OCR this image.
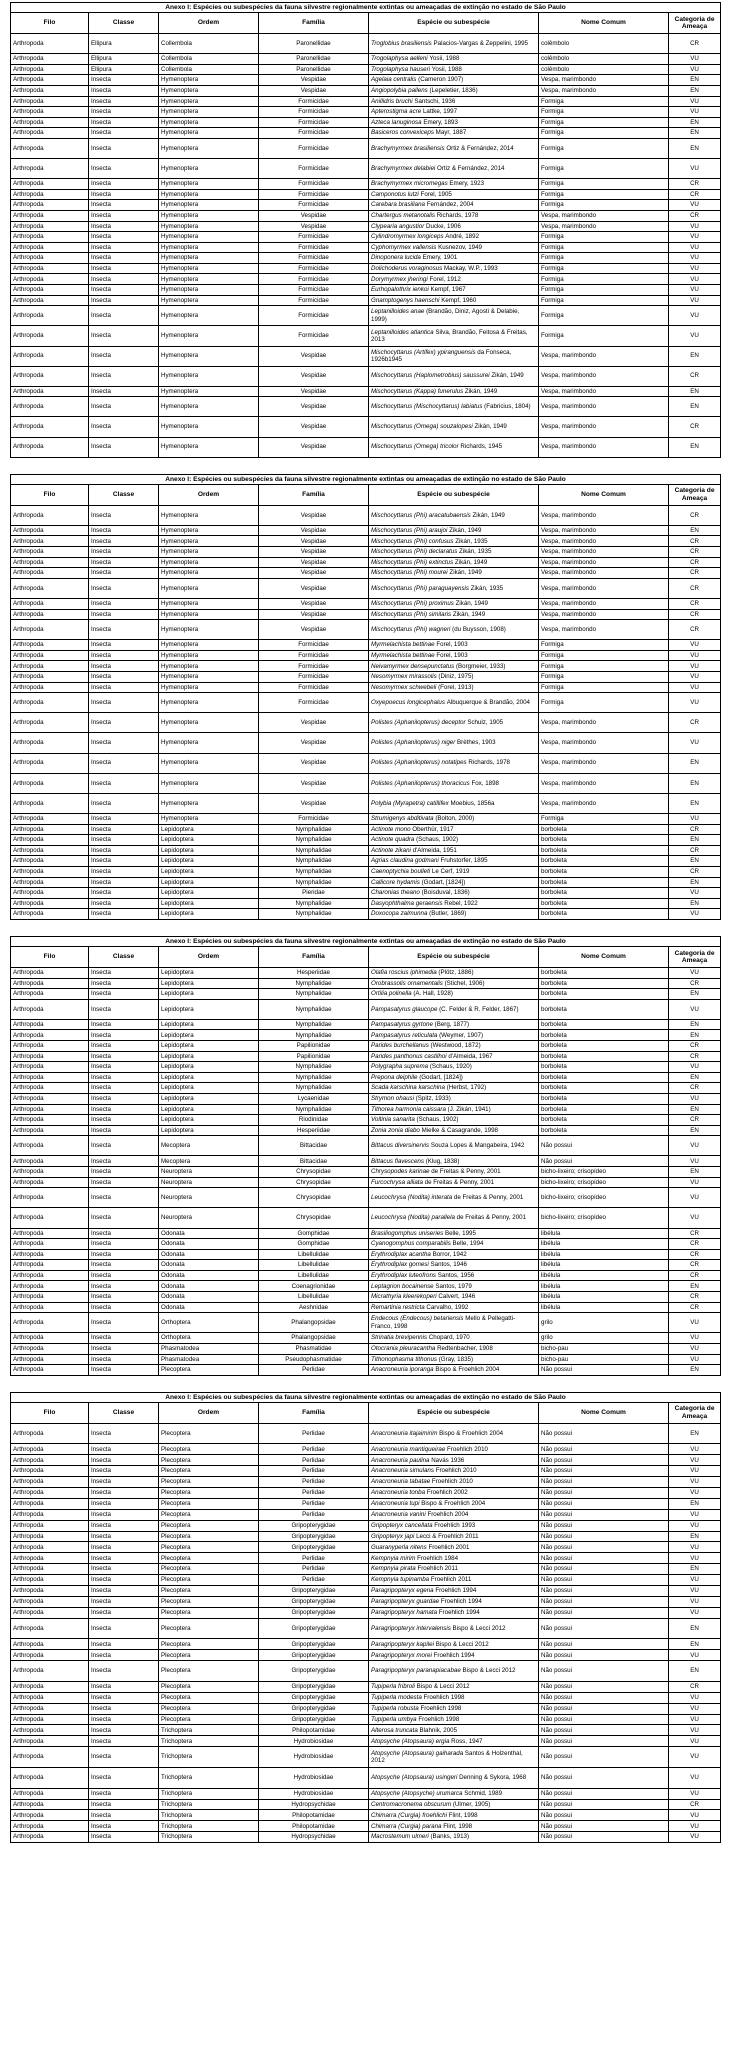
Anexo I: Espécies ou subespécies da fauna silvestre regionalmente extintas ou ameaçadas de extinção no estado de São Paulo						
Filo	Classe	Ordem	Família	Espécie ou subespécie	Nome Comum	Categoria de Ameaça
Arthropoda	Ellipura	Collembola	Paronellidae	Troglobius brasiliensis Palacios-Vargas & Zeppelini, 1995	colêmbolo	CR
Arthropoda	Ellipura	Collembola	Paronellidae	Trogolaphysa aelleni Yosii, 1988	colêmbolo	VU
Arthropoda	Ellipura	Collembola	Paronellidae	Trogolaphysa hauseri Yosii, 1988	colêmbolo	VU
Arthropoda	Insecta	Hymenoptera	Vespidae	Agelaia centralis (Cameron 1907)	Vespa, marimbondo	EN
Arthropoda	Insecta	Hymenoptera	Vespidae	Angiopolybia pallens (Lepeletier, 1836)	Vespa, marimbondo	EN
Arthropoda	Insecta	Hymenoptera	Formicidae	Anillidris bruchi Santschi, 1936	Formiga	VU
Arthropoda	Insecta	Hymenoptera	Formicidae	Apterostigma acre Lattke, 1997	Formiga	VU
Arthropoda	Insecta	Hymenoptera	Formicidae	Azteca lanuginosa Emery, 1893	Formiga	EN
Arthropoda	Insecta	Hymenoptera	Formicidae	Basiceros convexiceps Mayr, 1887	Formiga	EN
Arthropoda	Insecta	Hymenoptera	Formicidae	Brachymyrmex brasiliensis Ortiz & Fernández, 2014	Formiga	EN
Arthropoda	Insecta	Hymenoptera	Formicidae	Brachymyrmex delabiei Ortiz & Fernández, 2014	Formiga	VU
Arthropoda	Insecta	Hymenoptera	Formicidae	Brachymyrmex micromegas Emery, 1923	Formiga	CR
Arthropoda	Insecta	Hymenoptera	Formicidae	Camponotus lutzi Forel, 1905	Formiga	CR
Arthropoda	Insecta	Hymenoptera	Formicidae	Carebara brasiliana Fernández, 2004	Formiga	VU
Arthropoda	Insecta	Hymenoptera	Vespidae	Chartergus metanotalis Richards, 1978	Vespa, marimbondo	CR
Arthropoda	Insecta	Hymenoptera	Vespidae	Clypearia angustior Ducke, 1906	Vespa, marimbondo	VU
Arthropoda	Insecta	Hymenoptera	Formicidae	Cylindromyrmex longiceps André, 1892	Formiga	VU
Arthropoda	Insecta	Hymenoptera	Formicidae	Cyphomyrmex vallensis Kusnezov, 1949	Formiga	VU
Arthropoda	Insecta	Hymenoptera	Formicidae	Dinoponera lucida Emery, 1901	Formiga	VU
Arthropoda	Insecta	Hymenoptera	Formicidae	Dolichoderus voraginosus Mackay, W.P., 1993	Formiga	VU
Arthropoda	Insecta	Hymenoptera	Formicidae	Dorymyrmex jheringi Forel, 1912	Formiga	VU
Arthropoda	Insecta	Hymenoptera	Formicidae	Eurhopalothrix ienkoi Kempf, 1967	Formiga	VU
Arthropoda	Insecta	Hymenoptera	Formicidae	Gnamptogenys haenschi Kempf, 1960	Formiga	VU
Arthropoda	Insecta	Hymenoptera	Formicidae	Leptanilloides anae (Brandão, Diniz, Agosti & Delabie, 1999)	Formiga	VU
Arthropoda	Insecta	Hymenoptera	Formicidae	Leptanilloides atlantica Silva, Brandão, Feitosa & Freitas, 2013	Formiga	VU
Arthropoda	Insecta	Hymenoptera	Vespidae	Mischocyttarus (Artifex) ypiranguensis da Fonseca, 1926b1945	Vespa, marimbondo	EN
Arthropoda	Insecta	Hymenoptera	Vespidae	Mischocyttarus (Haplometrobius) saussurei Zikán, 1949	Vespa, marimbondo	CR
Arthropoda	Insecta	Hymenoptera	Vespidae	Mischocyttarus (Kappa) funerulus Zikán, 1949	Vespa, marimbondo	EN
Arthropoda	Insecta	Hymenoptera	Vespidae	Mischocyttarus (Mischocyttarus) labiatus (Fabricius, 1804)	Vespa, marimbondo	EN
Arthropoda	Insecta	Hymenoptera	Vespidae	Mischocyttarus (Omega) souzalopesi Zikán, 1949	Vespa, marimbondo	CR
Arthropoda	Insecta	Hymenoptera	Vespidae	Mischocyttarus (Omega) tricolor Richards, 1945	Vespa, marimbondo	EN
Anexo I: Espécies ou subespécies da fauna silvestre regionalmente extintas ou ameaçadas de extinção no estado de São Paulo						
Filo	Classe	Ordem	Família	Espécie ou subespécie	Nome Comum	Categoria de Ameaça
Arthropoda	Insecta	Hymenoptera	Vespidae	Mischocyttarus (Phi) aracatubaensis Zikán, 1949	Vespa, marimbondo	CR
Arthropoda	Insecta	Hymenoptera	Vespidae	Mischocyttarus (Phi) araujoi Zikán, 1949	Vespa, marimbondo	EN
Arthropoda	Insecta	Hymenoptera	Vespidae	Mischocyttarus (Phi) confusus Zikán, 1935	Vespa, marimbondo	CR
Arthropoda	Insecta	Hymenoptera	Vespidae	Mischocyttarus (Phi) declaratus Zikán, 1935	Vespa, marimbondo	CR
Arthropoda	Insecta	Hymenoptera	Vespidae	Mischocyttarus (Phi) extinctus Zikán, 1949	Vespa, marimbondo	CR
Arthropoda	Insecta	Hymenoptera	Vespidae	Mischocyttarus (Phi) mourei Zikán, 1949	Vespa, marimbondo	CR
Arthropoda	Insecta	Hymenoptera	Vespidae	Mischocyttarus (Phi) paraguayensis Zikán, 1935	Vespa, marimbondo	CR
Arthropoda	Insecta	Hymenoptera	Vespidae	Mischocyttarus (Phi) proximus Zikán, 1949	Vespa, marimbondo	CR
Arthropoda	Insecta	Hymenoptera	Vespidae	Mischocyttarus (Phi) similaris Zikán, 1949	Vespa, marimbondo	CR
Arthropoda	Insecta	Hymenoptera	Vespidae	Mischocyttarus (Phi) wagneri (du Buysson, 1908)	Vespa, marimbondo	CR
Arthropoda	Insecta	Hymenoptera	Formicidae	Myrmelachista bettinae Forel, 1903	Formiga	VU
Arthropoda	Insecta	Hymenoptera	Formicidae	Myrmelachista bettinae Forel, 1903	Formiga	VU
Arthropoda	Insecta	Hymenoptera	Formicidae	Neivamyrmex densepunctatus (Borgmeier, 1933)	Formiga	VU
Arthropoda	Insecta	Hymenoptera	Formicidae	Nesomyrmex mirassolis (Diniz, 1975)	Formiga	VU
Arthropoda	Insecta	Hymenoptera	Formicidae	Nesomyrmex schwebeli (Forel, 1913)	Formiga	VU
Arthropoda	Insecta	Hymenoptera	Formicidae	Oxyepoecus longicephalus Albuquerque & Brandão, 2004	Formiga	VU
Arthropoda	Insecta	Hymenoptera	Vespidae	Polistes (Aphanilopterus) deceptor Schulz, 1905	Vespa, marimbondo	CR
Arthropoda	Insecta	Hymenoptera	Vespidae	Polistes (Aphanilopterus) niger Brèthes, 1903	Vespa, marimbondo	VU
Arthropoda	Insecta	Hymenoptera	Vespidae	Polistes (Aphanilopterus) notatipes Richards, 1978	Vespa, marimbondo	EN
Arthropoda	Insecta	Hymenoptera	Vespidae	Polistes (Aphanilopterus) thoracicus Fox, 1898	Vespa, marimbondo	EN
Arthropoda	Insecta	Hymenoptera	Vespidae	Polybia (Myrapetra) catillifex Moebius, 1856a	Vespa, marimbondo	EN
Arthropoda	Insecta	Hymenoptera	Formicidae	Strumigenys abditivata (Bolton, 2000)	Formiga	VU
Arthropoda	Insecta	Lepidoptera	Nymphalidae	Actinote mono Oberthür, 1917	borboleta	CR
Arthropoda	Insecta	Lepidoptera	Nymphalidae	Actinote quadra (Schaus, 1902)	borboleta	EN
Arthropoda	Insecta	Lepidoptera	Nymphalidae	Actinote zikani d'Almeida, 1951	borboleta	CR
Arthropoda	Insecta	Lepidoptera	Nymphalidae	Agrias claudina godmani Fruhstorfer, 1895	borboleta	EN
Arthropoda	Insecta	Lepidoptera	Nymphalidae	Caenoptychia boulleti Le Cerf, 1919	borboleta	CR
Arthropoda	Insecta	Lepidoptera	Nymphalidae	Callicore hydamis (Godart, [1824])	borboleta	EN
Arthropoda	Insecta	Lepidoptera	Pieridae	Charonias theano (Boisduval, 1836)	borboleta	VU
Arthropoda	Insecta	Lepidoptera	Nymphalidae	Dasyophthalma geraensis Rebel, 1922	borboleta	EN
Arthropoda	Insecta	Lepidoptera	Nymphalidae	Doxocopa zalmunna (Butler, 1869)	borboleta	VU
Anexo I: Espécies ou subespécies da fauna silvestre regionalmente extintas ou ameaçadas de extinção no estado de São Paulo						
Filo	Classe	Ordem	Família	Espécie ou subespécie	Nome Comum	Categoria de Ameaça
Arthropoda	Insecta	Lepidoptera	Hesperiidae	Olafia roscius iphimedia (Plötz, 1886)	borboleta	VU
Arthropoda	Insecta	Lepidoptera	Nymphalidae	Orobrassolis ornamentalis (Stichel, 1906)	borboleta	CR
Arthropoda	Insecta	Lepidoptera	Nymphalidae	Ortilia polinella (A. Hall, 1928)	borboleta	EN
Arthropoda	Insecta	Lepidoptera	Nymphalidae	Pampasatyrus glaucope (C. Felder & R. Felder, 1867)	borboleta	VU
Arthropoda	Insecta	Lepidoptera	Nymphalidae	Pampasatyrus gyrtone (Berg, 1877)	borboleta	EN
Arthropoda	Insecta	Lepidoptera	Nymphalidae	Pampasatyrus reticulata (Weymer, 1907)	borboleta	EN
Arthropoda	Insecta	Lepidoptera	Papilionidae	Parides burchellanus (Westwood, 1872)	borboleta	CR
Arthropoda	Insecta	Lepidoptera	Papilionidae	Parides panthonus castilhoi d'Almeida, 1967	borboleta	CR
Arthropoda	Insecta	Lepidoptera	Nymphalidae	Polygrapha suprema (Schaus, 1920)	borboleta	VU
Arthropoda	Insecta	Lepidoptera	Nymphalidae	Prepona deiphile (Godart, [1824])	borboleta	EN
Arthropoda	Insecta	Lepidoptera	Nymphalidae	Scada karschina karschina (Herbst, 1792)	borboleta	CR
Arthropoda	Insecta	Lepidoptera	Lycaenidae	Strymon ohausi (Spitz, 1933)	borboleta	VU
Arthropoda	Insecta	Lepidoptera	Nymphalidae	Tithorea harmonia caissara (J. Zikán, 1941)	borboleta	EN
Arthropoda	Insecta	Lepidoptera	Riodinidae	Voltinia sanarita (Schaus, 1902)	borboleta	CR
Arthropoda	Insecta	Lepidoptera	Hesperiidae	Zonia zonia diabo Mielke & Casagrande, 1998	borboleta	EN
Arthropoda	Insecta	Mecoptera	Bittacidae	Bittacus diversinervis Souza Lopes & Mangabeira, 1942	Não possui	VU
Arthropoda	Insecta	Mecoptera	Bittacidae	Bittacus flavescens (Klug, 1838)	Não possui	VU
Arthropoda	Insecta	Neuroptera	Chrysopidae	Chrysopodes karinae de Freitas & Penny, 2001	bicho-lixeiro; crisopídeo	EN
Arthropoda	Insecta	Neuroptera	Chrysopidae	Furcochrysa alliata de Freitas & Penny, 2001	bicho-lixeiro; crisopídeo	VU
Arthropoda	Insecta	Neuroptera	Chrysopidae	Leucochrysa (Nodita) interata de Freitas & Penny, 2001	bicho-lixeiro; crisopídeo	VU
Arthropoda	Insecta	Neuroptera	Chrysopidae	Leucochrysa (Nodita) parallela de Freitas & Penny, 2001	bicho-lixeiro; crisopídeo	VU
Arthropoda	Insecta	Odonata	Gomphidae	Brasiliogomphus uniseries Belle, 1995	libélula	CR
Arthropoda	Insecta	Odonata	Gomphidae	Cyanogomphus comparabilis Belle, 1994	libélula	CR
Arthropoda	Insecta	Odonata	Libellulidae	Erythrodiplax acantha Borror, 1942	libélula	CR
Arthropoda	Insecta	Odonata	Libellulidae	Erythrodiplax gomesi Santos, 1946	libélula	CR
Arthropoda	Insecta	Odonata	Libellulidae	Erythrodiplax luteofrons Santos, 1956	libélula	CR
Arthropoda	Insecta	Odonata	Coenagrionidae	Leptagrion bocainense Santos, 1979	libélula	EN
Arthropoda	Insecta	Odonata	Libellulidae	Micrathyria kleerekoperi Calvert, 1946	libélula	CR
Arthropoda	Insecta	Odonata	Aeshnidae	Remartinia restricta Carvalho, 1992	libélula	CR
Arthropoda	Insecta	Orthoptera	Phalangopsidae	Endecous (Endecous) betariensis Mello & Pellegatti-Franco, 1998	grilo	VU
Arthropoda	Insecta	Orthoptera	Phalangopsidae	Strinatia brevipennis Chopard, 1970	grilo	VU
Arthropoda	Insecta	Phasmatodea	Phasmatidae	Otocrania pleuracantha Redtenbacher, 1908	bicho-pau	VU
Arthropoda	Insecta	Phasmatodea	Pseudophasmatidae	Tithonophasma tithonus (Gray, 1835)	bicho-pau	VU
Arthropoda	Insecta	Plecoptera	Perlidae	Anacroneuria iporanga Bispo & Froehlich 2004	Não possui	EN
Anexo I: Espécies ou subespécies da fauna silvestre regionalmente extintas ou ameaçadas de extinção no estado de São Paulo						
Filo	Classe	Ordem	Família	Espécie ou subespécie	Nome Comum	Categoria de Ameaça
Arthropoda	Insecta	Plecoptera	Perlidae	Anacroneuria itajaimirim Bispo & Froehlich 2004	Não possui	EN
Arthropoda	Insecta	Plecoptera	Perlidae	Anacroneuria mantiqueirae Froehlich 2010	Não possui	VU
Arthropoda	Insecta	Plecoptera	Perlidae	Anacroneuria paulina Navás 1936	Não possui	VU
Arthropoda	Insecta	Plecoptera	Perlidae	Anacroneuria simulans Froehlich 2010	Não possui	VU
Arthropoda	Insecta	Plecoptera	Perlidae	Anacroneuria tabatae Froehlich 2010	Não possui	VU
Arthropoda	Insecta	Plecoptera	Perlidae	Anacroneuria tonba Froehlich 2002	Não possui	VU
Arthropoda	Insecta	Plecoptera	Perlidae	Anacroneuria tupi Bispo & Froehlich 2004	Não possui	EN
Arthropoda	Insecta	Plecoptera	Perlidae	Anacroneuria vanini Froehlich 2004	Não possui	VU
Arthropoda	Insecta	Plecoptera	Gripopterygidae	Gripopteryx cancellata Froehlich 1993	Não possui	VU
Arthropoda	Insecta	Plecoptera	Gripopterygidae	Gripopteryx japi Lecci & Froehlich 2011	Não possui	EN
Arthropoda	Insecta	Plecoptera	Gripopterygidae	Guaranyperla nitens Froehlich 2001	Não possui	VU
Arthropoda	Insecta	Plecoptera	Perlidae	Kempnyia mirim Froehlich 1984	Não possui	VU
Arthropoda	Insecta	Plecoptera	Perlidae	Kempnyia pirata Froehlich 2011	Não possui	EN
Arthropoda	Insecta	Plecoptera	Perlidae	Kempnyia tupinamba Froehlich 2011	Não possui	VU
Arthropoda	Insecta	Plecoptera	Gripopterygidae	Paragripopteryx egena Froehlich 1994	Não possui	VU
Arthropoda	Insecta	Plecoptera	Gripopterygidae	Paragripopteryx guardae Froehlich 1994	Não possui	VU
Arthropoda	Insecta	Plecoptera	Gripopterygidae	Paragripopteryx hamata Froehlich 1994	Não possui	VU
Arthropoda	Insecta	Plecoptera	Gripopterygidae	Paragripopteryx intervalensis Bispo & Lecci 2012	Não possui	EN
Arthropoda	Insecta	Plecoptera	Gripopterygidae	Paragripopteryx kapilei Bispo & Lecci 2012	Não possui	EN
Arthropoda	Insecta	Plecoptera	Gripopterygidae	Paragripopteryx morei Froehlich 1994	Não possui	VU
Arthropoda	Insecta	Plecoptera	Gripopterygidae	Paragripopteryx paranapiacabae Bispo & Lecci 2012	Não possui	EN
Arthropoda	Insecta	Plecoptera	Gripopterygidae	Tupiperla fribroli Bispo & Lecci 2012	Não possui	CR
Arthropoda	Insecta	Plecoptera	Gripopterygidae	Tupiperla modesta Froehlich 1998	Não possui	VU
Arthropoda	Insecta	Plecoptera	Gripopterygidae	Tupiperla robusta Froehlich 1998	Não possui	VU
Arthropoda	Insecta	Plecoptera	Gripopterygidae	Tupiperla umbya Froehlich 1998	Não possui	VU
Arthropoda	Insecta	Trichoptera	Philopotamidae	Alterosa truncata Blahnik, 2005	Não possui	VU
Arthropoda	Insecta	Trichoptera	Hydrobiosidae	Atopsyche (Atopsaura) ergia Ross, 1947	Não possui	VU
Arthropoda	Insecta	Trichoptera	Hydrobiosidae	Atopsyche (Atopsaura) gaiharada Santos & Holzenthal, 2012	Não possui	VU
Arthropoda	Insecta	Trichoptera	Hydrobiosidae	Atopsyche (Atopsaura) usingeri Denning & Sykora, 1968	Não possui	VU
Arthropoda	Insecta	Trichoptera	Hydrobiosidae	Atopsyche (Atopsyche) urumarca Schmid, 1989	Não possui	VU
Arthropoda	Insecta	Trichoptera	Hydropsychidae	Centromacronema obscurum (Ulmer, 1905)	Não possui	CR
Arthropoda	Insecta	Trichoptera	Philopotamidae	Chimarra (Curgia) froehlichi Flint, 1998	Não possui	VU
Arthropoda	Insecta	Trichoptera	Philopotamidae	Chimarra (Curgia) parana Flint, 1998	Não possui	VU
Arthropoda	Insecta	Trichoptera	Hydropsychidae	Macrostemum ulmeri (Banks, 1913)	Não possui	VU
